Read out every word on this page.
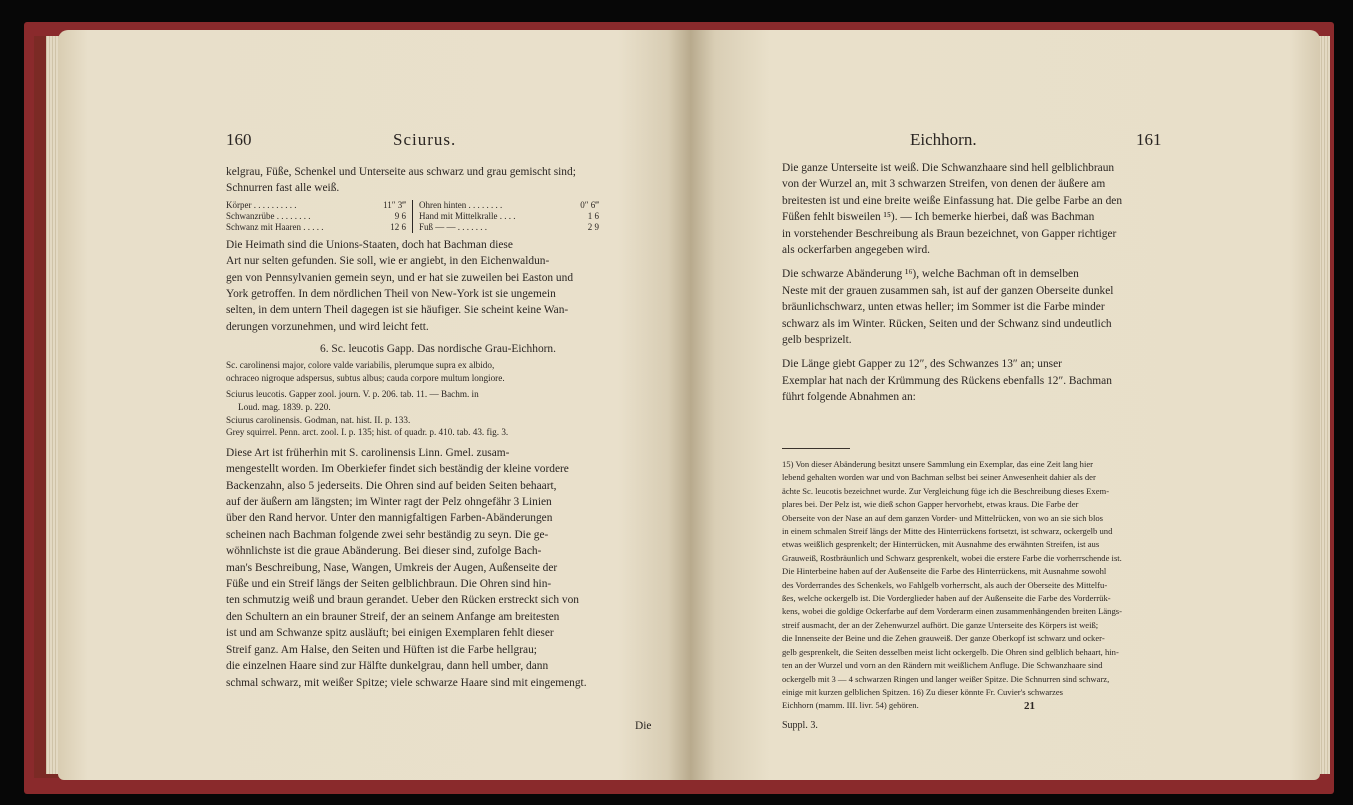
160	Sciurus.

kelgrau, Füße, Schenkel und Unterseite aus schwarz und grau gemischt sind;

Schnurren fast alle weiß.

Körper . . . . . . . . . .	11″ 3‴
Schwanzrübe . . . . . . . .	9 6
Schwanz mit Haaren . . . . .	12 6
Ohren hinten . . . . . . . .	0″ 6‴
Hand mit Mittelkralle . . . .	1 6
Fuß — — . . . . . . .	2 9

Die Heimath sind die Unions-Staaten, doch hat Bachman diese

Art nur selten gefunden. Sie soll, wie er angiebt, in den Eichenwaldun-

gen von Pennsylvanien gemein seyn, und er hat sie zuweilen bei Easton und

York getroffen. In dem nördlichen Theil von New-York ist sie ungemein

selten, in dem untern Theil dagegen ist sie häufiger. Sie scheint keine Wan-

derungen vorzunehmen, und wird leicht fett.

6. Sc. leucotis Gapp. Das nordische Grau-Eichhorn.
Sc. carolinensi major, colore valde variabilis, plerumque supra ex albido,
ochraceo nigroque adspersus, subtus albus; cauda corpore multum longiore.
Sciurus leucotis. Gapper zool. journ. V. p. 206. tab. 11. — Bachm. in
Loud. mag. 1839. p. 220.
Sciurus carolinensis. Godman, nat. hist. II. p. 133.
Grey squirrel. Penn. arct. zool. I. p. 135; hist. of quadr. p. 410. tab. 43. fig. 3.

Diese Art ist früherhin mit S. carolinensis Linn. Gmel. zusam-

mengestellt worden. Im Oberkiefer findet sich beständig der kleine vordere

Backenzahn, also 5 jederseits. Die Ohren sind auf beiden Seiten behaart,

auf der äußern am längsten; im Winter ragt der Pelz ohngefähr 3 Linien

über den Rand hervor. Unter den mannigfaltigen Farben-Abänderungen

scheinen nach Bachman folgende zwei sehr beständig zu seyn. Die ge-

wöhnlichste ist die graue Abänderung. Bei dieser sind, zufolge Bach-

man's Beschreibung, Nase, Wangen, Umkreis der Augen, Außenseite der

Füße und ein Streif längs der Seiten gelblichbraun. Die Ohren sind hin-

ten schmutzig weiß und braun gerandet. Ueber den Rücken erstreckt sich von

den Schultern an ein brauner Streif, der an seinem Anfange am breitesten

ist und am Schwanze spitz ausläuft; bei einigen Exemplaren fehlt dieser

Streif ganz. Am Halse, den Seiten und Hüften ist die Farbe hellgrau;

die einzelnen Haare sind zur Hälfte dunkelgrau, dann hell umber, dann

schmal schwarz, mit weißer Spitze; viele schwarze Haare sind mit eingemengt.

Die
Eichhorn.	161

Die ganze Unterseite ist weiß. Die Schwanzhaare sind hell gelblichbraun

von der Wurzel an, mit 3 schwarzen Streifen, von denen der äußere am

breitesten ist und eine breite weiße Einfassung hat. Die gelbe Farbe an den

Füßen fehlt bisweilen ¹⁵). — Ich bemerke hierbei, daß was Bachman

in vorstehender Beschreibung als Braun bezeichnet, von Gapper richtiger

als ockerfarben angegeben wird.

Die schwarze Abänderung ¹⁶), welche Bachman oft in demselben

Neste mit der grauen zusammen sah, ist auf der ganzen Oberseite dunkel

bräunlichschwarz, unten etwas heller; im Sommer ist die Farbe minder

schwarz als im Winter. Rücken, Seiten und der Schwanz sind undeutlich

gelb besprizelt.

Die Länge giebt Gapper zu 12″, des Schwanzes 13″ an; unser

Exemplar hat nach der Krümmung des Rückens ebenfalls 12″. Bachman

führt folgende Abnahmen an:

15) Von dieser Abänderung besitzt unsere Sammlung ein Exemplar, das eine Zeit lang hier

lebend gehalten worden war und von Bachman selbst bei seiner Anwesenheit dahier als der

ächte Sc. leucotis bezeichnet wurde. Zur Vergleichung füge ich die Beschreibung dieses Exem-

plares bei. Der Pelz ist, wie dieß schon Gapper hervorhebt, etwas kraus. Die Farbe der

Oberseite von der Nase an auf dem ganzen Vorder- und Mittelrücken, von wo an sie sich blos

in einem schmalen Streif längs der Mitte des Hinterrückens fortsetzt, ist schwarz, ockergelb und

etwas weißlich gesprenkelt; der Hinterrücken, mit Ausnahme des erwähnten Streifen, ist aus

Grauweiß, Rostbräunlich und Schwarz gesprenkelt, wobei die erstere Farbe die vorherrschende ist.

Die Hinterbeine haben auf der Außenseite die Farbe des Hinterrückens, mit Ausnahme sowohl

des Vorderrandes des Schenkels, wo Fahlgelb vorherrscht, als auch der Oberseite des Mittelfu-

ßes, welche ockergelb ist. Die Vorderglieder haben auf der Außenseite die Farbe des Vorderrük-

kens, wobei die goldige Ockerfarbe auf dem Vorderarm einen zusammenhängenden breiten Längs-

streif ausmacht, der an der Zehenwurzel aufhört. Die ganze Unterseite des Körpers ist weiß;

die Innenseite der Beine und die Zehen grauweiß. Der ganze Oberkopf ist schwarz und ocker-

gelb gesprenkelt, die Seiten desselben meist licht ockergelb. Die Ohren sind gelblich behaart, hin-

ten an der Wurzel und vorn an den Rändern mit weißlichem Anfluge. Die Schwanzhaare sind

ockergelb mit 3 — 4 schwarzen Ringen und langer weißer Spitze. Die Schnurren sind schwarz,

einige mit kurzen gelblichen Spitzen. 16) Zu dieser könnte Fr. Cuvier's schwarzes

Eichhorn (mamm. III. livr. 54) gehören.

Suppl. 3.
21
